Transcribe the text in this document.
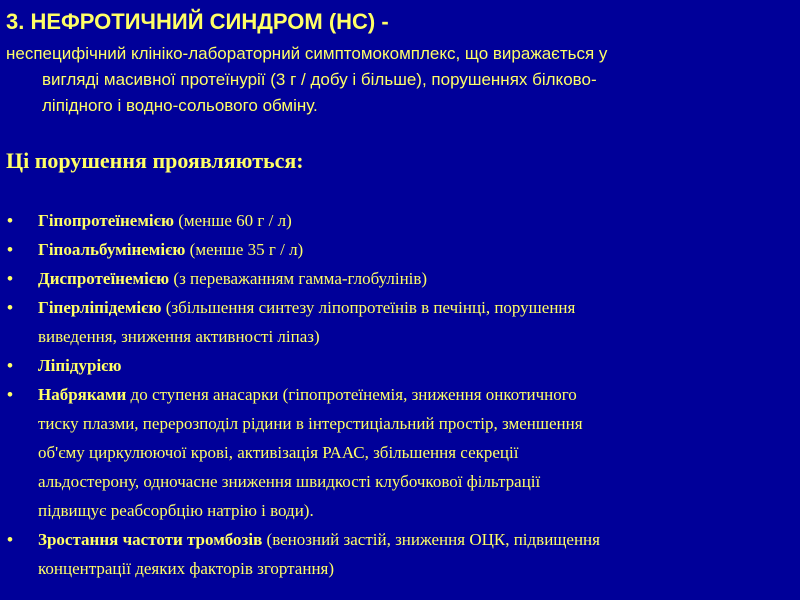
3. НЕФРОТИЧНИЙ СИНДРОМ (НС) -
неспецифічний клініко-лабораторний симптомокомплекс, що виражається у
вигляді масивної протеїнурії (3 г / добу і більше), порушеннях білково-
ліпідного і водно-сольового обміну.
Ці порушення проявляються:
• Гіпопротеїнемією (менше 60 г / л)
• Гіпоальбумінемією (менше 35 г / л)
• Диспротеїнемією (з переважанням гамма-глобулінів)
• Гіперліпідемією (збільшення синтезу ліпопротеїнів в печінці, порушення
виведення, зниження активності ліпаз)
• Ліпідурією
• Набряками до ступеня анасарки (гіпопротеїнемія, зниження онкотичного
тиску плазми, перерозподіл рідини в інтерстиціальний простір, зменшення
об'єму циркулюючої крові, активізація РААС, збільшення секреції
альдостерону, одночасне зниження швидкості клубочкової фільтрації
підвищує реабсорбцію натрію і води).
• Зростання частоти тромбозів (венозний застій, зниження ОЦК, підвищення
концентрації деяких факторів згортання)
